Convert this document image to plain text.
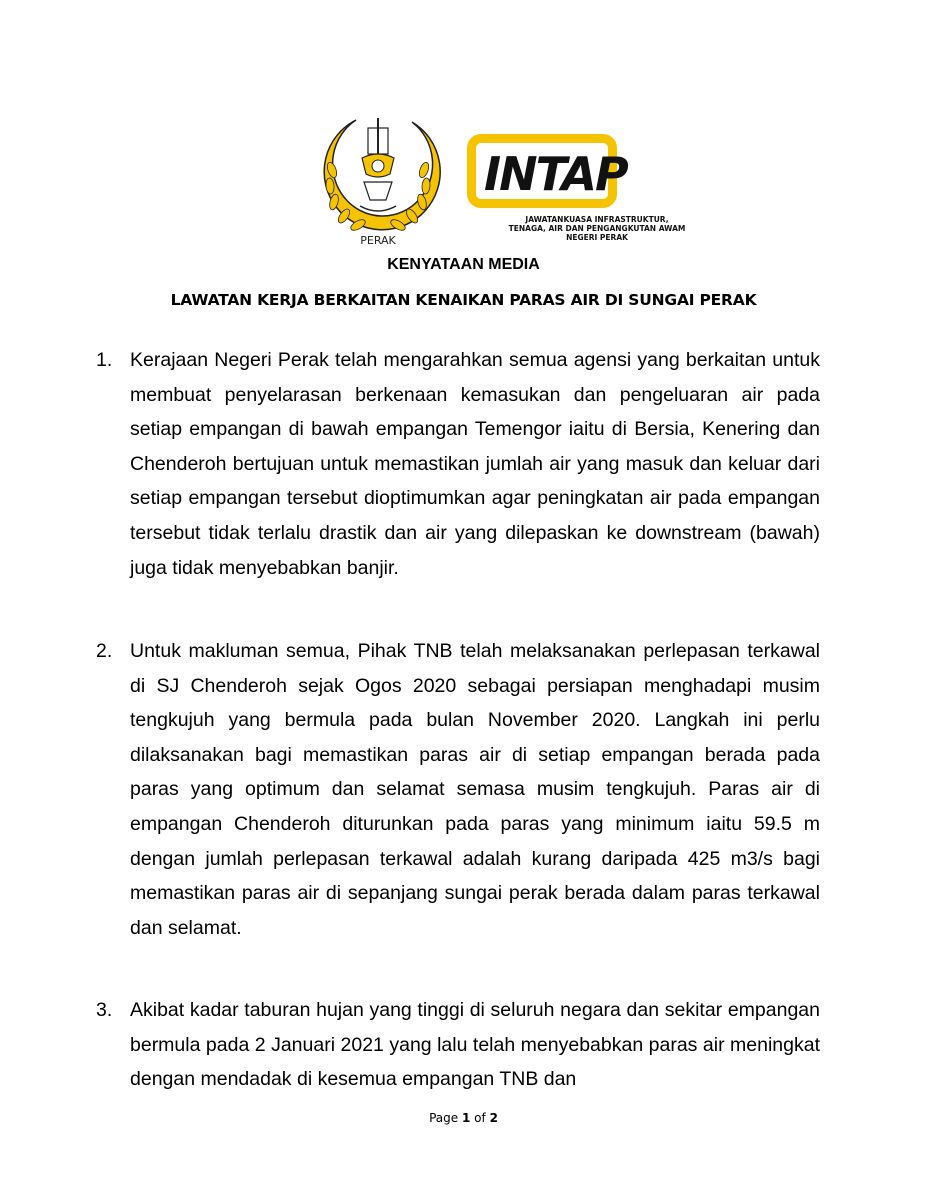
PERAK
INTAP
JAWATANKUASA INFRASTRUKTUR,
TENAGA, AIR DAN PENGANGKUTAN AWAM
NEGERI PERAK
KENYATAAN MEDIA
LAWATAN KERJA BERKAITAN KENAIKAN PARAS AIR DI SUNGAI PERAK
1. Kerajaan Negeri Perak telah mengarahkan semua agensi yang berkaitan untuk membuat penyelarasan berkenaan kemasukan dan pengeluaran air pada setiap empangan di bawah empangan Temengor iaitu di Bersia, Kenering dan Chenderoh bertujuan untuk memastikan jumlah air yang masuk dan keluar dari setiap empangan tersebut dioptimumkan agar peningkatan air pada empangan tersebut tidak terlalu drastik dan air yang dilepaskan ke downstream (bawah) juga tidak menyebabkan banjir.
2. Untuk makluman semua, Pihak TNB telah melaksanakan perlepasan terkawal di SJ Chenderoh sejak Ogos 2020 sebagai persiapan menghadapi musim tengkujuh yang bermula pada bulan November 2020. Langkah ini perlu dilaksanakan bagi memastikan paras air di setiap empangan berada pada paras yang optimum dan selamat semasa musim tengkujuh. Paras air di empangan Chenderoh diturunkan pada paras yang minimum iaitu 59.5 m dengan jumlah perlepasan terkawal adalah kurang daripada 425 m3/s bagi memastikan paras air di sepanjang sungai perak berada dalam paras terkawal dan selamat.
3. Akibat kadar taburan hujan yang tinggi di seluruh negara dan sekitar empangan bermula pada 2 Januari 2021 yang lalu telah menyebabkan paras air meningkat dengan mendadak di kesemua empangan TNB dan
Page 1 of 2
